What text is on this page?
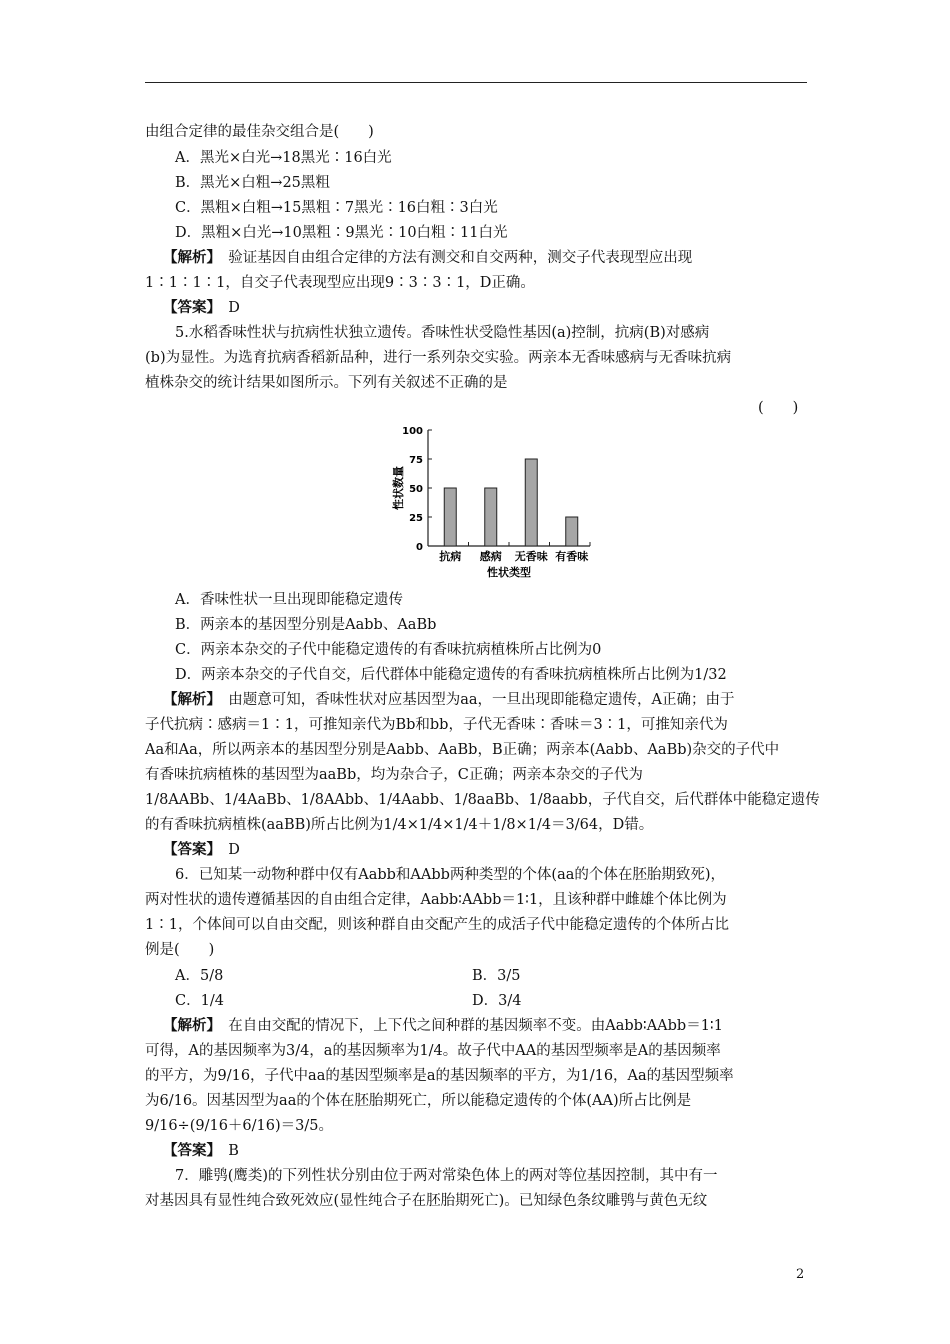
由组合定律的最佳杂交组合是(　　)
A．黑光×白光→18黑光∶16白光
B．黑光×白粗→25黑粗
C．黑粗×白粗→15黑粗∶7黑光∶16白粗∶3白光
D．黑粗×白光→10黑粗∶9黑光∶10白粗∶11白光
【解析】　验证基因自由组合定律的方法有测交和自交两种，测交子代表现型应出现
1∶1∶1∶1，自交子代表现型应出现9∶3∶3∶1，D正确。
【答案】　D
5.水稻香味性状与抗病性状独立遗传。香味性状受隐性基因(a)控制，抗病(B)对感病
(b)为显性。为选育抗病香稻新品种，进行一系列杂交实验。两亲本无香味感病与无香味抗病
植株杂交的统计结果如图所示。下列有关叙述不正确的是
(　　)
0
25
50
75
100
抗病 感病 无香味 有香味
性状类型
性状数量
A．香味性状一旦出现即能稳定遗传
B．两亲本的基因型分别是Aabb、AaBb
C．两亲本杂交的子代中能稳定遗传的有香味抗病植株所占比例为0
D．两亲本杂交的子代自交，后代群体中能稳定遗传的有香味抗病植株所占比例为1/32
【解析】　由题意可知，香味性状对应基因型为aa，一旦出现即能稳定遗传，A正确；由于
子代抗病∶感病＝1∶1，可推知亲代为Bb和bb，子代无香味∶香味＝3∶1，可推知亲代为
Aa和Aa，所以两亲本的基因型分别是Aabb、AaBb，B正确；两亲本(Aabb、AaBb)杂交的子代中
有香味抗病植株的基因型为aaBb，均为杂合子，C正确；两亲本杂交的子代为
1/8AABb、1/4AaBb、1/8AAbb、1/4Aabb、1/8aaBb、1/8aabb，子代自交，后代群体中能稳定遗传
的有香味抗病植株(aaBB)所占比例为1/4×1/4×1/4＋1/8×1/4＝3/64，D错。
【答案】　D
6．已知某一动物种群中仅有Aabb和AAbb两种类型的个体(aa的个体在胚胎期致死)，
两对性状的遗传遵循基因的自由组合定律，Aabb∶AAbb＝1∶1，且该种群中雌雄个体比例为
1∶1，个体间可以自由交配，则该种群自由交配产生的成活子代中能稳定遗传的个体所占比
例是(　　)
A．5/8	B．3/5
C．1/4	D．3/4
【解析】　在自由交配的情况下，上下代之间种群的基因频率不变。由Aabb∶AAbb＝1∶1
可得，A的基因频率为3/4，a的基因频率为1/4。故子代中AA的基因型频率是A的基因频率
的平方，为9/16，子代中aa的基因型频率是a的基因频率的平方，为1/16，Aa的基因型频率
为6/16。因基因型为aa的个体在胚胎期死亡，所以能稳定遗传的个体(AA)所占比例是
9/16÷(9/16＋6/16)＝3/5。
【答案】　B
7．雕鸮(鹰类)的下列性状分别由位于两对常染色体上的两对等位基因控制，其中有一
对基因具有显性纯合致死效应(显性纯合子在胚胎期死亡)。已知绿色条纹雕鸮与黄色无纹
2
